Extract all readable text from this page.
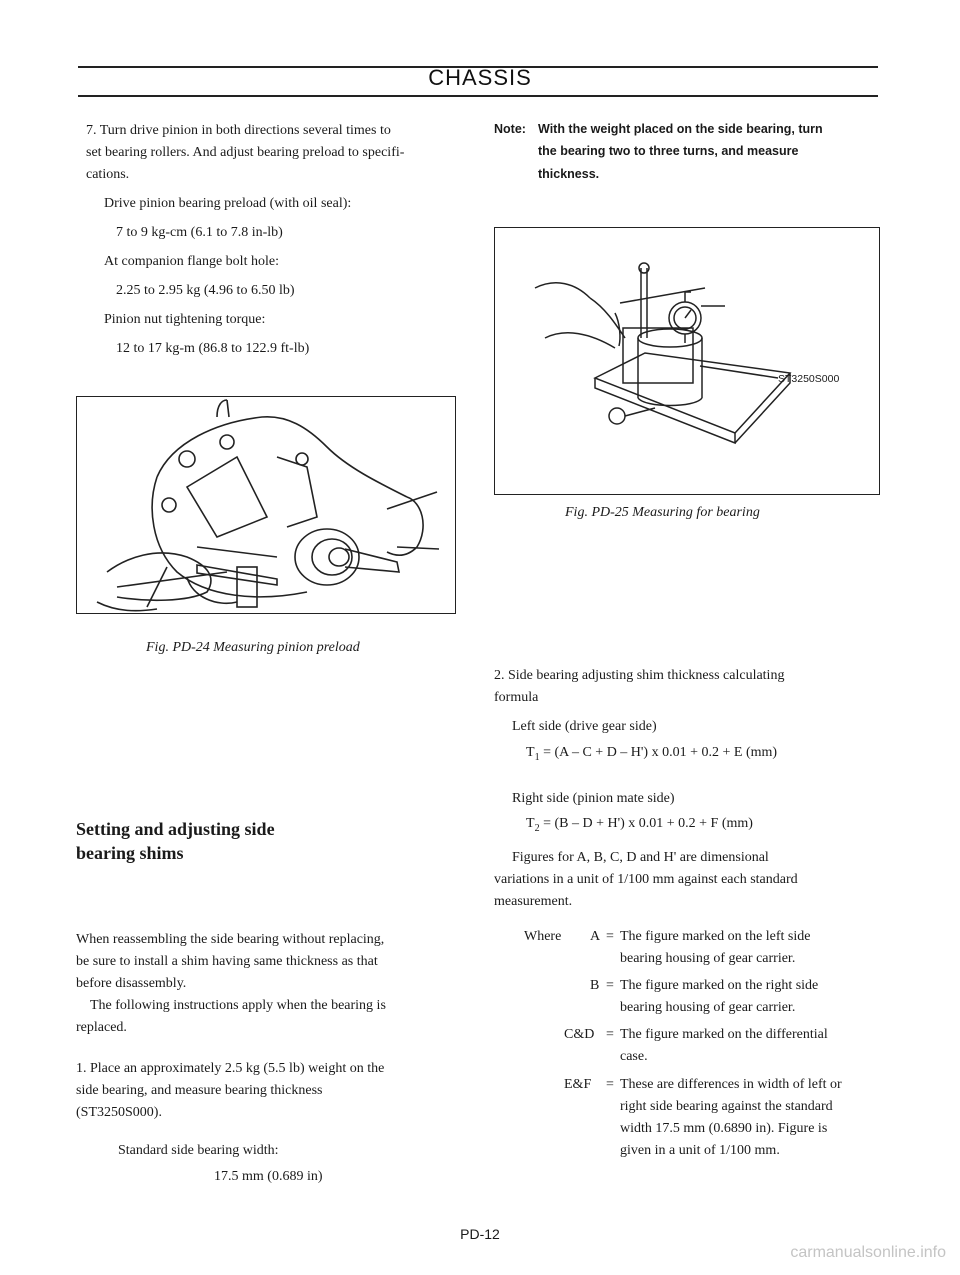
CHASSIS
7. Turn drive pinion in both directions several times to
set bearing rollers. And adjust bearing preload to specifi-
cations.
Drive pinion bearing preload (with oil seal):
7 to 9 kg-cm (6.1 to 7.8 in-lb)
At companion flange bolt hole:
2.25 to 2.95 kg (4.96 to 6.50 lb)
Pinion nut tightening torque:
12 to 17 kg-m (86.8 to 122.9 ft-lb)
Fig. PD-24 Measuring pinion preload
Setting and adjusting side
bearing shims
When reassembling the side bearing without replacing,
be sure to install a shim having same thickness as that
before disassembly.
The following instructions apply when the bearing is
replaced.
1. Place an approximately 2.5 kg (5.5 lb) weight on the
side bearing, and measure bearing thickness
(ST3250S000).
Standard side bearing width:
17.5 mm (0.689 in)
Note: With the weight placed on the side bearing, turn
the bearing two to three turns, and measure
thickness.
ST3250S000
Fig. PD-25 Measuring for bearing
2. Side bearing adjusting shim thickness calculating
formula
Left side (drive gear side)
$T_1 = (A - C + D - H')$ x 0.01 + 0.2 + E (mm)
Right side (pinion mate side)
$T_2 = (B - D + H')$ x 0.01 + 0.2 + F (mm)
Figures for A, B, C, D and H' are dimensional
variations in a unit of 1/100 mm against each standard
measurement.
Where A = The figure marked on the left side
bearing housing of gear carrier.
B = The figure marked on the right side
bearing housing of gear carrier.
C&D = The figure marked on the differential
case.
E&F = These are differences in width of left or
right side bearing against the standard
width 17.5 mm (0.6890 in). Figure is
given in a unit of 1/100 mm.
PD-12
carmanualsonline.info
